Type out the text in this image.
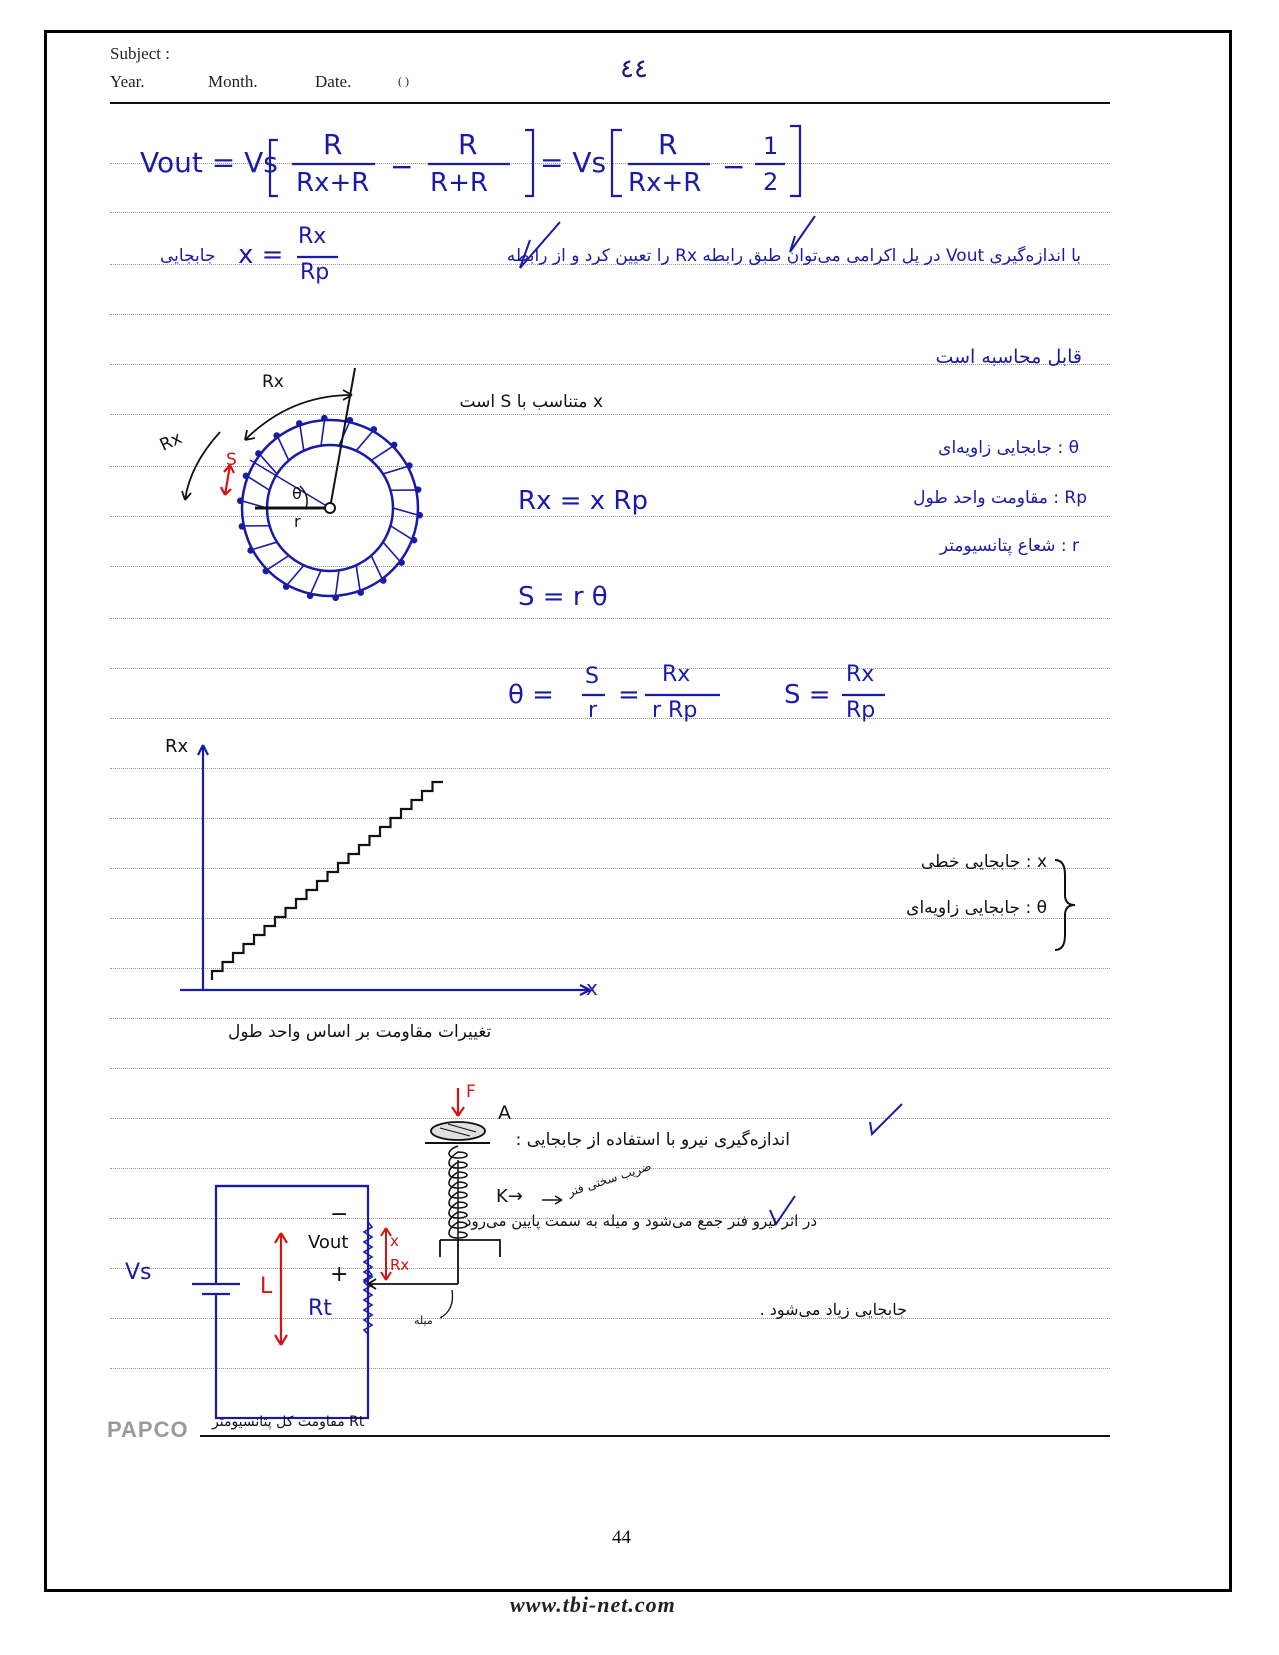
Subject :
Year.	Month.	Date.	( )	٤٤
Vout = Vs
R
Rx+R −
R
R+R
= Vs
R
Rx+R −
1
2
x =
Rx
Rp
Rx = x Rp
S = r θ
θ =
S
r
=
Rx
r Rp
S =
Rx
Rp
با اندازه‌گیری Vout در پل اکرامی می‌توان طبق رابطه Rx را تعیین کرد و از رابطه
جابجایی
قابل محاسبه است
x متناسب با S است
θ : جابجایی زاویه‌ای
Rp : مقاومت واحد طول
r : شعاع پتانسیومتر
x : جابجایی خطی
θ : جابجایی زاویه‌ای
تغییرات مقاومت بر اساس واحد طول
اندازه‌گیری نیرو با استفاده از جابجایی :
در اثر نیرو فنر جمع می‌شود و میله به سمت پایین می‌رود
جابجایی زیاد می‌شود .
ضریب سختی فنر
میله
Rt مقاومت کل پتانسیومتر
Rx
Rx
S
θ
r
Rx
x
F
A
K→
Vs
−
Vout
+
Rt
L
x
Rx
PAPCO
44
www.tbi-net.com
